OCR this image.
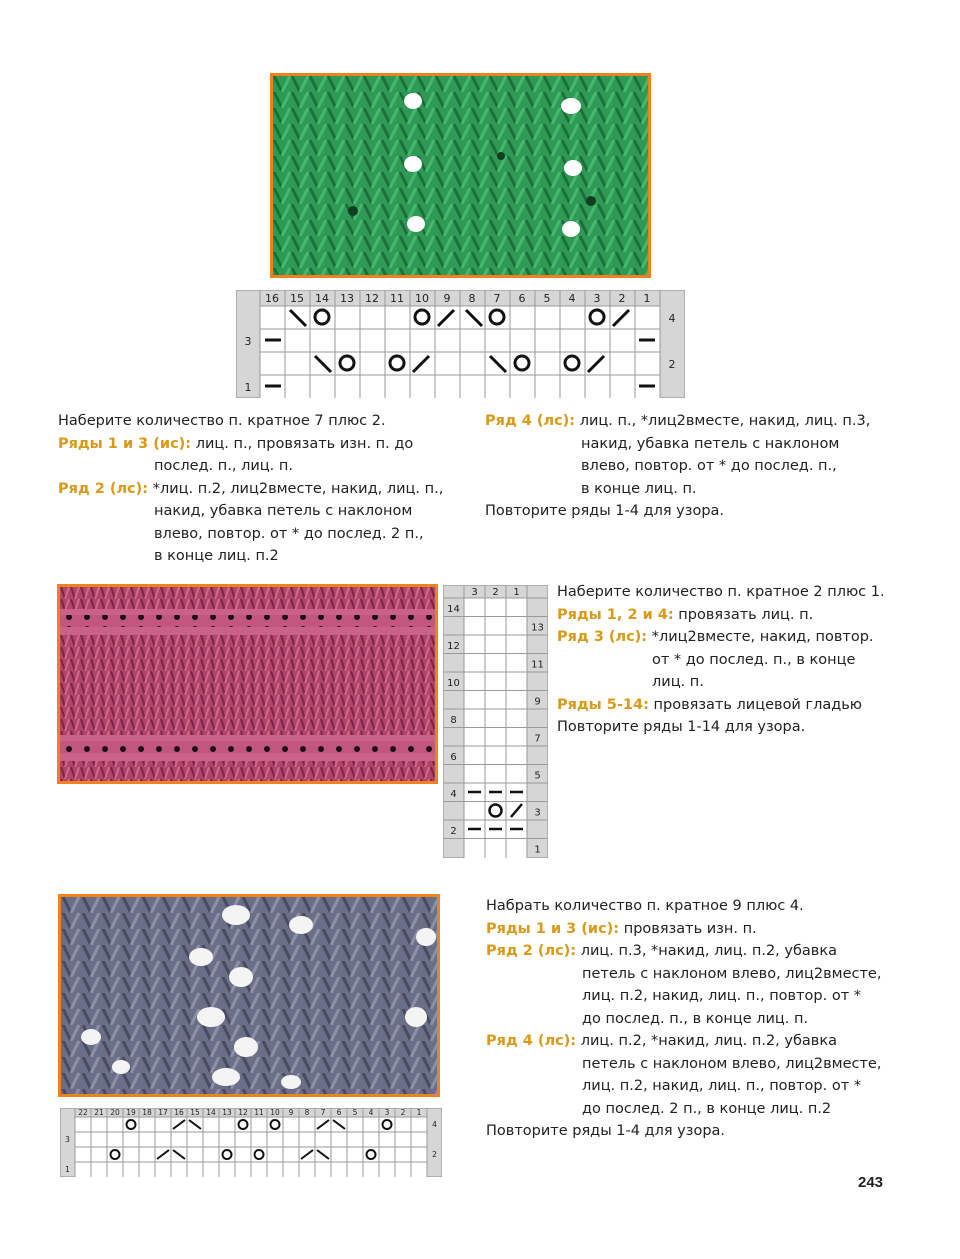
16 15 14 13 12 11 10 9 8 7 6 5 4 3 2 1
3
1
4
2
Наберите количество п. кратное 7 плюс 2.
Ряды 1 и 3 (ис): лиц. п., провязать изн. п. до
послед. п., лиц. п.
Ряд 2 (лс): *лиц. п.2, лиц2вместе, накид, лиц. п.,
накид, убавка петель с наклоном
влево, повтор. от * до послед. 2 п.,
в конце лиц. п.2
Ряд 4 (лс): лиц. п., *лиц2вместе, накид, лиц. п.3,
накид, убавка петель с наклоном
влево, повтор. от * до послед. п.,
в конце лиц. п.
Повторите ряды 1-4 для узора.
3 2 1
14
12
10
8
6
4
2
13
11
9
7
5
3
1
Наберите количество п. кратное 2 плюс 1.
Ряды 1, 2 и 4: провязать лиц. п.
Ряд 3 (лс): *лиц2вместе, накид, повтор.
от * до послед. п., в конце
лиц. п.
Ряды 5-14: провязать лицевой гладью
Повторите ряды 1-14 для узора.
22 21 20 19 18 17 16 15 14 13 12 11 10 9 8 7 6 5 4 3 2 1
3
1
4
2
Набрать количество п. кратное 9 плюс 4.
Ряды 1 и 3 (ис): провязать изн. п.
Ряд 2 (лс): лиц. п.3, *накид, лиц. п.2, убавка
петель с наклоном влево, лиц2вместе,
лиц. п.2, накид, лиц. п., повтор. от *
до послед. п., в конце лиц. п.
Ряд 4 (лс): лиц. п.2, *накид, лиц. п.2, убавка
петель с наклоном влево, лиц2вместе,
лиц. п.2, накид, лиц. п., повтор. от *
до послед. 2 п., в конце лиц. п.2
Повторите ряды 1-4 для узора.
243
